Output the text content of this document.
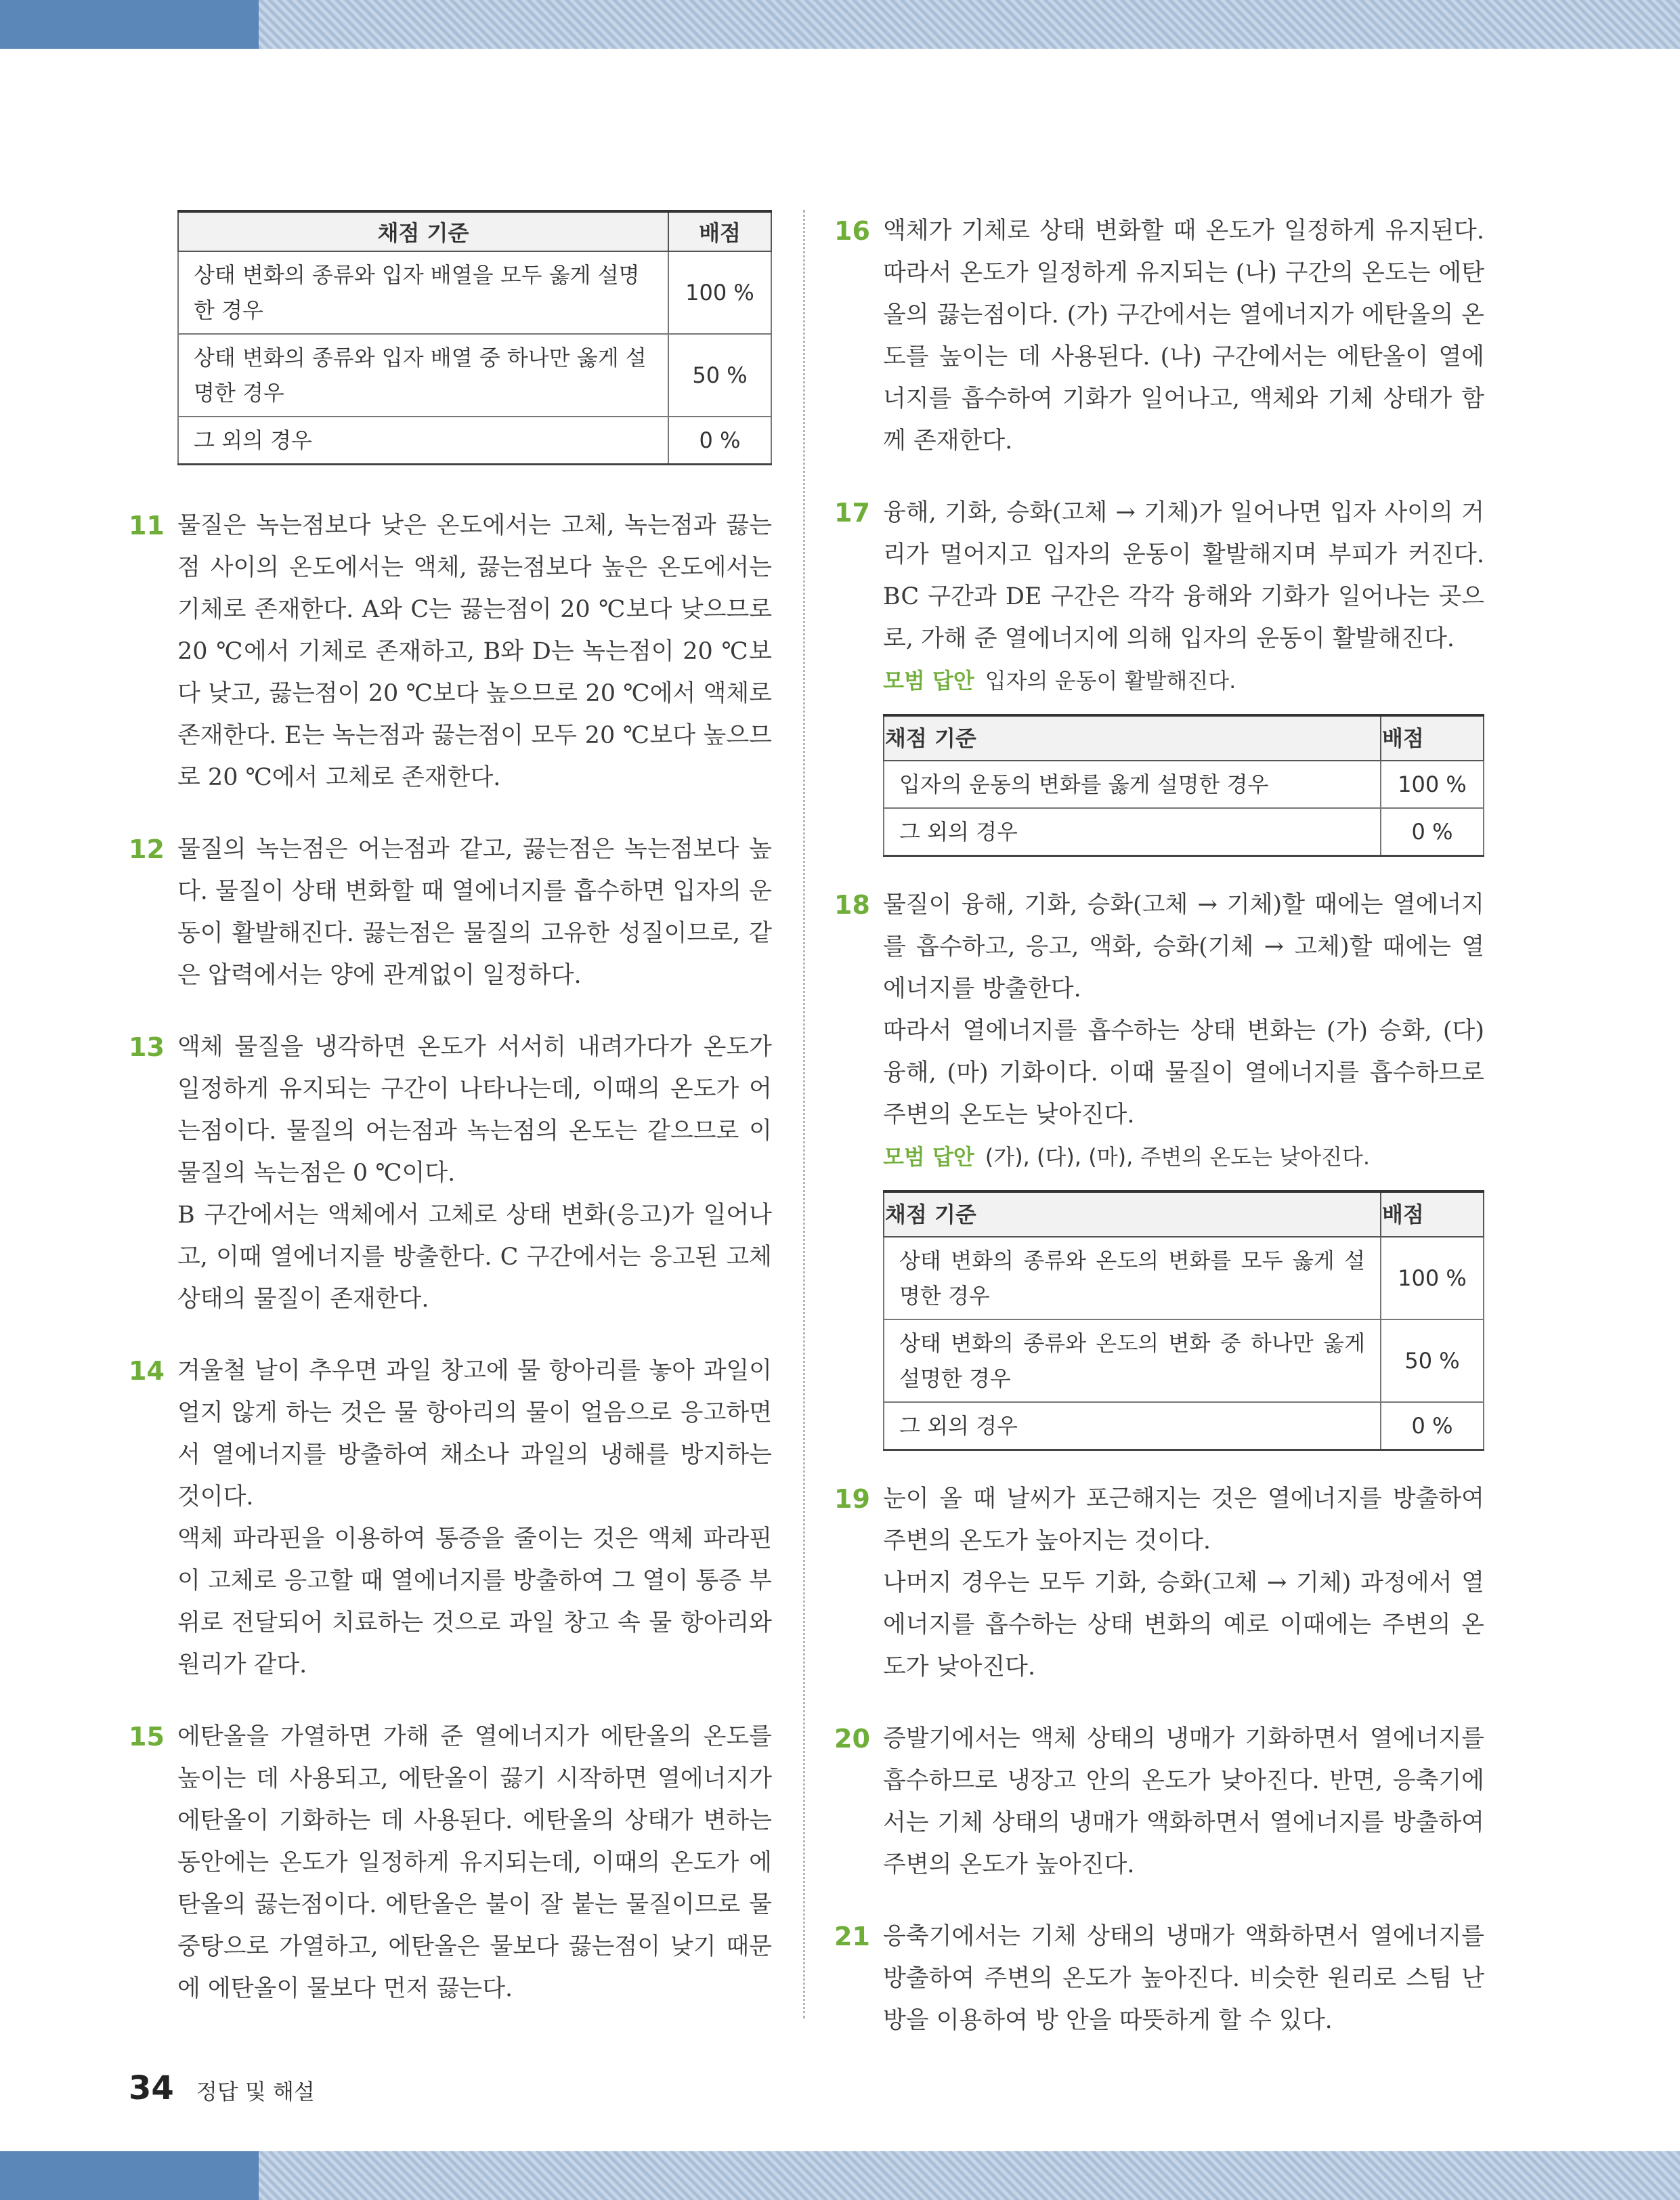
채점 기준	배점
상태 변화의 종류와 입자 배열을 모두 옳게 설명한 경우	100 %
상태 변화의 종류와 입자 배열 중 하나만 옳게 설명한 경우	50 %
그 외의 경우	0 %
11 물질은 녹는점보다 낮은 온도에서는 고체, 녹는점과 끓는점 사이의 온도에서는 액체, 끓는점보다 높은 온도에서는 기체로 존재한다. A와 C는 끓는점이 20 ℃보다 낮으므로 20 ℃에서 기체로 존재하고, B와 D는 녹는점이 20 ℃보다 낮고, 끓는점이 20 ℃보다 높으므로 20 ℃에서 액체로 존재한다. E는 녹는점과 끓는점이 모두 20 ℃보다 높으므로 20 ℃에서 고체로 존재한다.

12 물질의 녹는점은 어는점과 같고, 끓는점은 녹는점보다 높다. 물질이 상태 변화할 때 열에너지를 흡수하면 입자의 운동이 활발해진다. 끓는점은 물질의 고유한 성질이므로, 같은 압력에서는 양에 관계없이 일정하다.

13 액체 물질을 냉각하면 온도가 서서히 내려가다가 온도가 일정하게 유지되는 구간이 나타나는데, 이때의 온도가 어는점이다. 물질의 어는점과 녹는점의 온도는 같으므로 이 물질의 녹는점은 0 ℃이다.

B 구간에서는 액체에서 고체로 상태 변화(응고)가 일어나고, 이때 열에너지를 방출한다. C 구간에서는 응고된 고체 상태의 물질이 존재한다.

14 겨울철 날이 추우면 과일 창고에 물 항아리를 놓아 과일이 얼지 않게 하는 것은 물 항아리의 물이 얼음으로 응고하면서 열에너지를 방출하여 채소나 과일의 냉해를 방지하는 것이다.

액체 파라핀을 이용하여 통증을 줄이는 것은 액체 파라핀이 고체로 응고할 때 열에너지를 방출하여 그 열이 통증 부위로 전달되어 치료하는 것으로 과일 창고 속 물 항아리와 원리가 같다.

15 에탄올을 가열하면 가해 준 열에너지가 에탄올의 온도를 높이는 데 사용되고, 에탄올이 끓기 시작하면 열에너지가 에탄올이 기화하는 데 사용된다. 에탄올의 상태가 변하는 동안에는 온도가 일정하게 유지되는데, 이때의 온도가 에탄올의 끓는점이다. 에탄올은 불이 잘 붙는 물질이므로 물중탕으로 가열하고, 에탄올은 물보다 끓는점이 낮기 때문에 에탄올이 물보다 먼저 끓는다.

16 액체가 기체로 상태 변화할 때 온도가 일정하게 유지된다. 따라서 온도가 일정하게 유지되는 (나) 구간의 온도는 에탄올의 끓는점이다. (가) 구간에서는 열에너지가 에탄올의 온도를 높이는 데 사용된다. (나) 구간에서는 에탄올이 열에너지를 흡수하여 기화가 일어나고, 액체와 기체 상태가 함께 존재한다.

17 융해, 기화, 승화(고체 → 기체)가 일어나면 입자 사이의 거리가 멀어지고 입자의 운동이 활발해지며 부피가 커진다. BC 구간과 DE 구간은 각각 융해와 기화가 일어나는 곳으로, 가해 준 열에너지에 의해 입자의 운동이 활발해진다.

모범 답안 입자의 운동이 활발해진다.

채점 기준	배점
입자의 운동의 변화를 옳게 설명한 경우	100 %
그 외의 경우	0 %
18 물질이 융해, 기화, 승화(고체 → 기체)할 때에는 열에너지를 흡수하고, 응고, 액화, 승화(기체 → 고체)할 때에는 열에너지를 방출한다.

따라서 열에너지를 흡수하는 상태 변화는 (가) 승화, (다) 융해, (마) 기화이다. 이때 물질이 열에너지를 흡수하므로 주변의 온도는 낮아진다.

모범 답안 (가), (다), (마), 주변의 온도는 낮아진다.

채점 기준	배점
상태 변화의 종류와 온도의 변화를 모두 옳게 설명한 경우	100 %
상태 변화의 종류와 온도의 변화 중 하나만 옳게 설명한 경우	50 %
그 외의 경우	0 %
19 눈이 올 때 날씨가 포근해지는 것은 열에너지를 방출하여 주변의 온도가 높아지는 것이다.

나머지 경우는 모두 기화, 승화(고체 → 기체) 과정에서 열에너지를 흡수하는 상태 변화의 예로 이때에는 주변의 온도가 낮아진다.

20 증발기에서는 액체 상태의 냉매가 기화하면서 열에너지를 흡수하므로 냉장고 안의 온도가 낮아진다. 반면, 응축기에서는 기체 상태의 냉매가 액화하면서 열에너지를 방출하여 주변의 온도가 높아진다.

21 응축기에서는 기체 상태의 냉매가 액화하면서 열에너지를 방출하여 주변의 온도가 높아진다. 비슷한 원리로 스팀 난방을 이용하여 방 안을 따뜻하게 할 수 있다.

34 정답 및 해설
